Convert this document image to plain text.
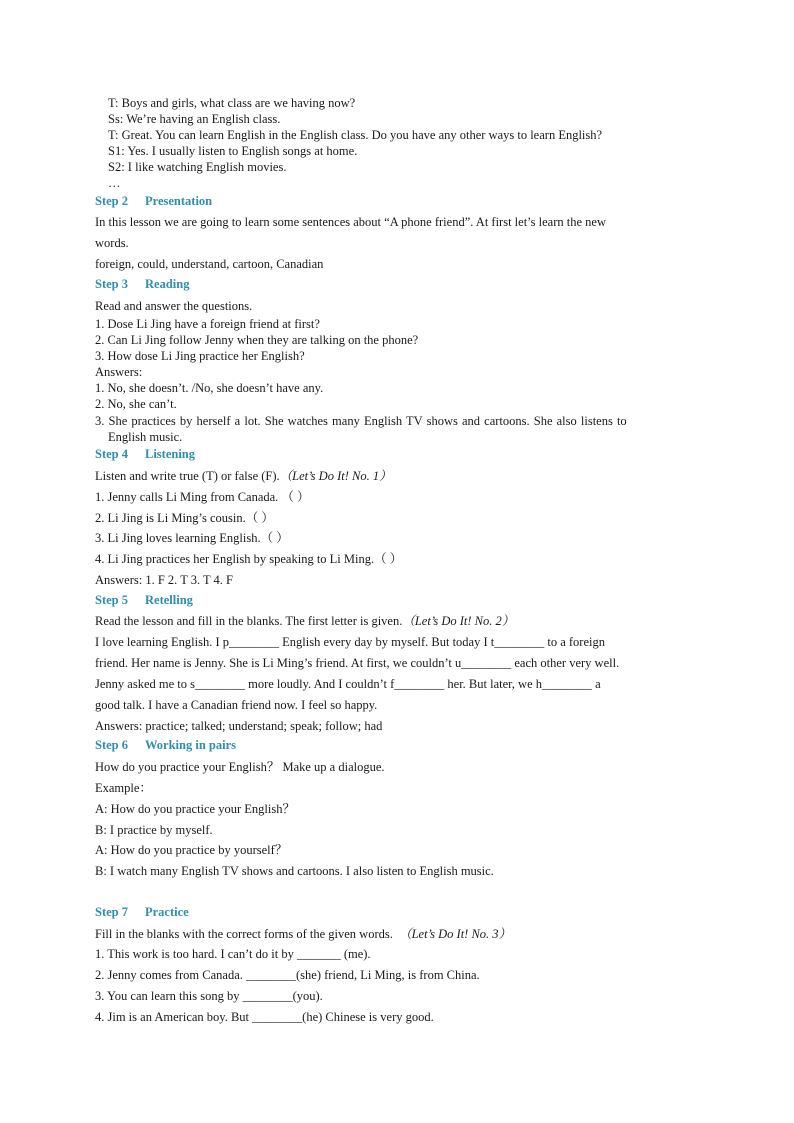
T: Boys and girls, what class are we having now?
Ss: We’re having an English class.
T: Great. You can learn English in the English class. Do you have any other ways to learn English?
S1: Yes. I usually listen to English songs at home.
S2: I like watching English movies.
…
Step 2 Presentation
In this lesson we are going to learn some sentences about “A phone friend”. At first let’s learn the new
words.
foreign, could, understand, cartoon, Canadian
Step 3 Reading
Read and answer the questions.
1. Dose Li Jing have a foreign friend at first?
2. Can Li Jing follow Jenny when they are talking on the phone?
3. How dose Li Jing practice her English?
Answers:
1. No, she doesn’t. /No, she doesn’t have any.
2. No, she can’t.
3. She practices by herself a lot. She watches many English TV shows and cartoons. She also listens to
English music.
Step 4 Listening
Listen and write true (T) or false (F).（Let’s Do It! No. 1）
1. Jenny calls Li Ming from Canada. （ ）
2. Li Jing is Li Ming’s cousin.（ ）
3. Li Jing loves learning English.（ ）
4. Li Jing practices her English by speaking to Li Ming.（ ）
Answers: 1. F 2. T 3. T 4. F
Step 5 Retelling
Read the lesson and fill in the blanks. The first letter is given.（Let’s Do It! No. 2）
I love learning English. I p________ English every day by myself. But today I t________ to a foreign
friend. Her name is Jenny. She is Li Ming’s friend. At first, we couldn’t u________ each other very well.
Jenny asked me to s________ more loudly. And I couldn’t f________ her. But later, we h________ a
good talk. I have a Canadian friend now. I feel so happy.
Answers: practice; talked; understand; speak; follow; had
Step 6 Working in pairs
How do you practice your English？ Make up a dialogue.
Example：
A: How do you practice your English？
B: I practice by myself.
A: How do you practice by yourself？
B: I watch many English TV shows and cartoons. I also listen to English music.
Step 7 Practice
Fill in the blanks with the correct forms of the given words.  （Let’s Do It! No. 3）
1. This work is too hard. I can’t do it by _______ (me).
2. Jenny comes from Canada. ________(she) friend, Li Ming, is from China.
3. You can learn this song by ________(you).
4. Jim is an American boy. But ________(he) Chinese is very good.
